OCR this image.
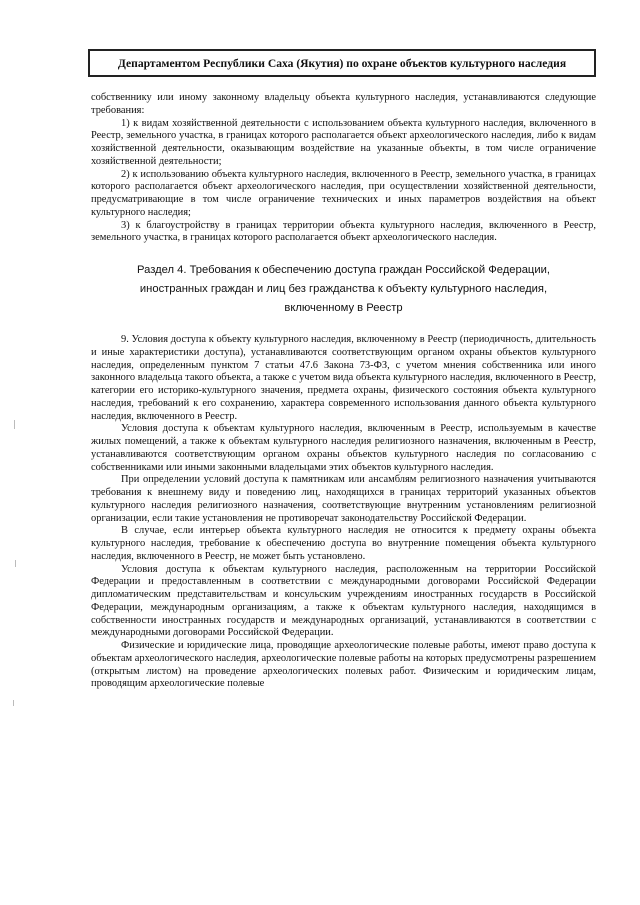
Департаментом Республики Саха (Якутия) по охране объектов культурного наследия

собственнику или иному законному владельцу объекта культурного наследия, устанавливаются следующие требования:

1) к видам хозяйственной деятельности с использованием объекта культурного наследия, включенного в Реестр, земельного участка, в границах которого располагается объект археологического наследия, либо к видам хозяйственной деятельности, оказывающим воздействие на указанные объекты, в том числе ограничение хозяйственной деятельности;

2) к использованию объекта культурного наследия, включенного в Реестр, земельного участка, в границах которого располагается объект археологического наследия, при осуществлении хозяйственной деятельности, предусматривающие в том числе ограничение технических и иных параметров воздействия на объект культурного наследия;

3) к благоустройству в границах территории объекта культурного наследия, включенного в Реестр, земельного участка, в границах которого располагается объект археологического наследия.

Раздел 4. Требования к обеспечению доступа граждан Российской Федерации,
иностранных граждан и лиц без гражданства к объекту культурного наследия,
включенному в Реестр

9. Условия доступа к объекту культурного наследия, включенному в Реестр (периодичность, длительность и иные характеристики доступа), устанавливаются соответствующим органом охраны объектов культурного наследия, определенным пунктом 7 статьи 47.6 Закона 73-ФЗ, с учетом мнения собственника или иного законного владельца такого объекта, а также с учетом вида объекта культурного наследия, включенного в Реестр, категории его историко-культурного значения, предмета охраны, физического состояния объекта культурного наследия, требований к его сохранению, характера современного использования данного объекта культурного наследия, включенного в Реестр.

Условия доступа к объектам культурного наследия, включенным в Реестр, используемым в качестве жилых помещений, а также к объектам культурного наследия религиозного назначения, включенным в Реестр, устанавливаются соответствующим органом охраны объектов культурного наследия по согласованию с собственниками или иными законными владельцами этих объектов культурного наследия.

При определении условий доступа к памятникам или ансамблям религиозного назначения учитываются требования к внешнему виду и поведению лиц, находящихся в границах территорий указанных объектов культурного наследия религиозного назначения, соответствующие внутренним установлениям религиозной организации, если такие установления не противоречат законодательству Российской Федерации.

В случае, если интерьер объекта культурного наследия не относится к предмету охраны объекта культурного наследия, требование к обеспечению доступа во внутренние помещения объекта культурного наследия, включенного в Реестр, не может быть установлено.

Условия доступа к объектам культурного наследия, расположенным на территории Российской Федерации и предоставленным в соответствии с международными договорами Российской Федерации дипломатическим представительствам и консульским учреждениям иностранных государств в Российской Федерации, международным организациям, а также к объектам культурного наследия, находящимся в собственности иностранных государств и международных организаций, устанавливаются в соответствии с международными договорами Российской Федерации.

Физические и юридические лица, проводящие археологические полевые работы, имеют право доступа к объектам археологического наследия, археологические полевые работы на которых предусмотрены разрешением (открытым листом) на проведение археологических полевых работ. Физическим и юридическим лицам, проводящим археологические полевые
